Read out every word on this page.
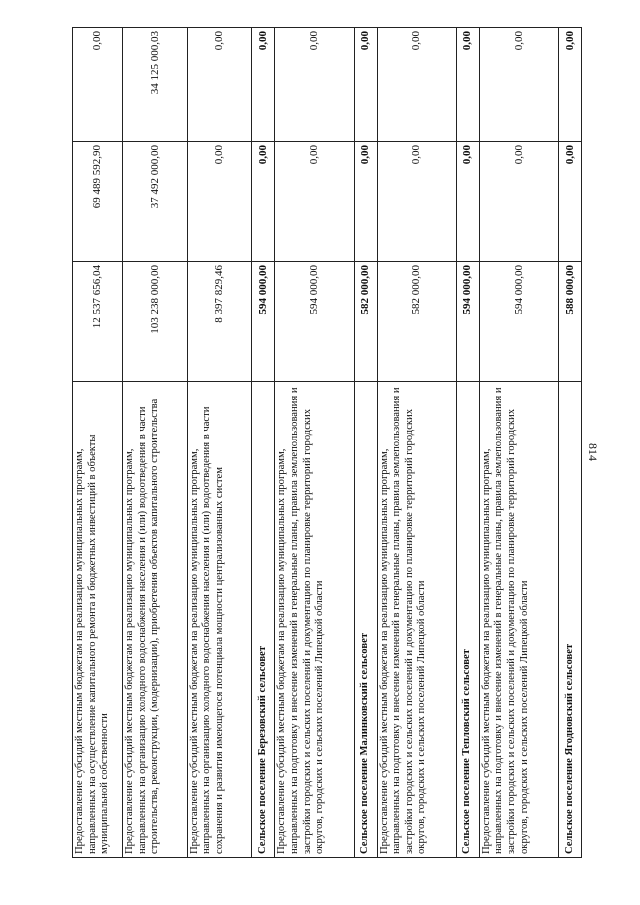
814
Предоставление субсидий местным бюджетам на реализацию муниципальных программ, направленных на осуществление капитального ремонта и бюджетных инвестиций в объекты муниципальной собственности	12 537 656,04	69 489 592,90	0,00
Предоставление субсидий местным бюджетам на реализацию муниципальных программ, направленных на организацию холодного водоснабжения населения и (или) водоотведения в части строительства, реконструкции, (модернизации), приобретения объектов капитального строительства	103 238 000,00	37 492 000,00	34 125 000,03
Предоставление субсидий местным бюджетам на реализацию муниципальных программ, направленных на организацию холодного водоснабжения населения и (или) водоотведения в части сохранения и развития имеющегося потенциала мощности централизованных систем	8 397 829,46	0,00	0,00
Сельское поселение Березовский сельсовет	594 000,00	0,00	0,00
Предоставление субсидий местным бюджетам на реализацию муниципальных программ, направленных на подготовку и внесение изменений в генеральные планы, правила землепользования и застройки городских и сельских поселений и документацию по планировке территорий городских округов, городских и сельских поселений Липецкой области	594 000,00	0,00	0,00
Сельское поселение Малинковский сельсовет	582 000,00	0,00	0,00
Предоставление субсидий местным бюджетам на реализацию муниципальных программ, направленных на подготовку и внесение изменений в генеральные планы, правила землепользования и застройки городских и сельских поселений и документацию по планировке территорий городских округов, городских и сельских поселений Липецкой области	582 000,00	0,00	0,00
Сельское поселение Тепловский сельсовет	594 000,00	0,00	0,00
Предоставление субсидий местным бюджетам на реализацию муниципальных программ, направленных на подготовку и внесение изменений в генеральные планы, правила землепользования и застройки городских и сельских поселений и документацию по планировке территорий городских округов, городских и сельских поселений Липецкой области	594 000,00	0,00	0,00
Сельское поселение Ягодновский сельсовет	588 000,00	0,00	0,00
